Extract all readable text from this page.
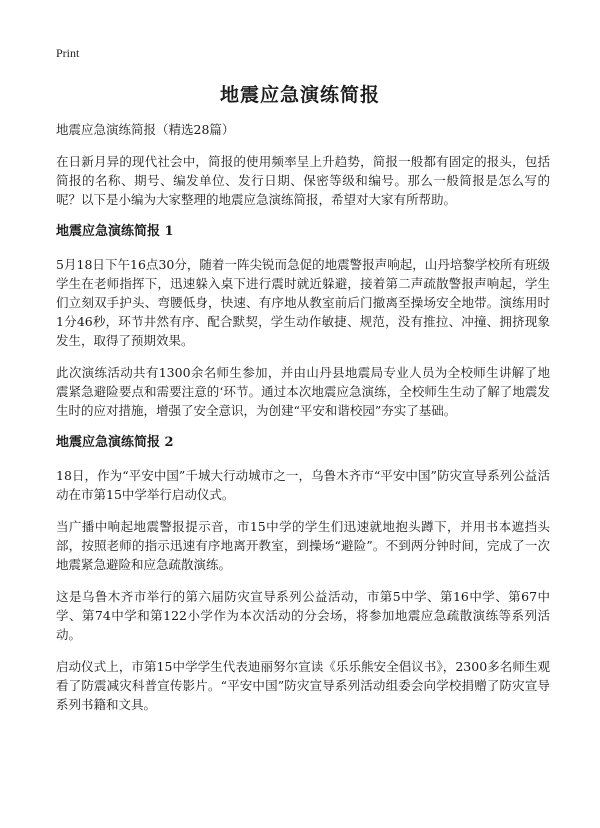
Print
地震应急演练简报
地震应急演练简报（精选28篇）

在日新月异的现代社会中，简报的使用频率呈上升趋势，简报一般都有固定的报头，包括简报的名称、期号、编发单位、发行日期、保密等级和编号。那么一般简报是怎么写的呢？以下是小编为大家整理的地震应急演练简报，希望对大家有所帮助。

地震应急演练简报 1

5月18日下午16点30分，随着一阵尖锐而急促的地震警报声响起，山丹培黎学校所有班级学生在老师指挥下，迅速躲入桌下进行震时就近躲避，接着第二声疏散警报声响起，学生们立刻双手护头、弯腰低身，快速、有序地从教室前后门撤离至操场安全地带。演练用时1分46秒，环节井然有序、配合默契，学生动作敏捷、规范，没有推拉、冲撞、拥挤现象发生，取得了预期效果。

此次演练活动共有1300余名师生参加，并由山丹县地震局专业人员为全校师生讲解了地震紧急避险要点和需要注意的‘环节。通过本次地震应急演练，全校师生生动了解了地震发生时的应对措施，增强了安全意识，为创建“平安和谐校园”夯实了基础。

地震应急演练简报 2

18日，作为“平安中国”千城大行动城市之一，乌鲁木齐市“平安中国”防灾宣导系列公益活动在市第15中学举行启动仪式。

当广播中响起地震警报提示音，市15中学的学生们迅速就地抱头蹲下，并用书本遮挡头部，按照老师的指示迅速有序地离开教室，到操场“避险”。不到两分钟时间，完成了一次地震紧急避险和应急疏散演练。

这是乌鲁木齐市举行的第六届防灾宣导系列公益活动，市第5中学、第16中学、第67中学、第74中学和第122小学作为本次活动的分会场，将参加地震应急疏散演练等系列活动。

启动仪式上，市第15中学学生代表迪丽努尔宣读《乐乐熊安全倡议书》，2300多名师生观看了防震减灾科普宣传影片。“平安中国”防灾宣导系列活动组委会向学校捐赠了防灾宣导系列书籍和文具。
